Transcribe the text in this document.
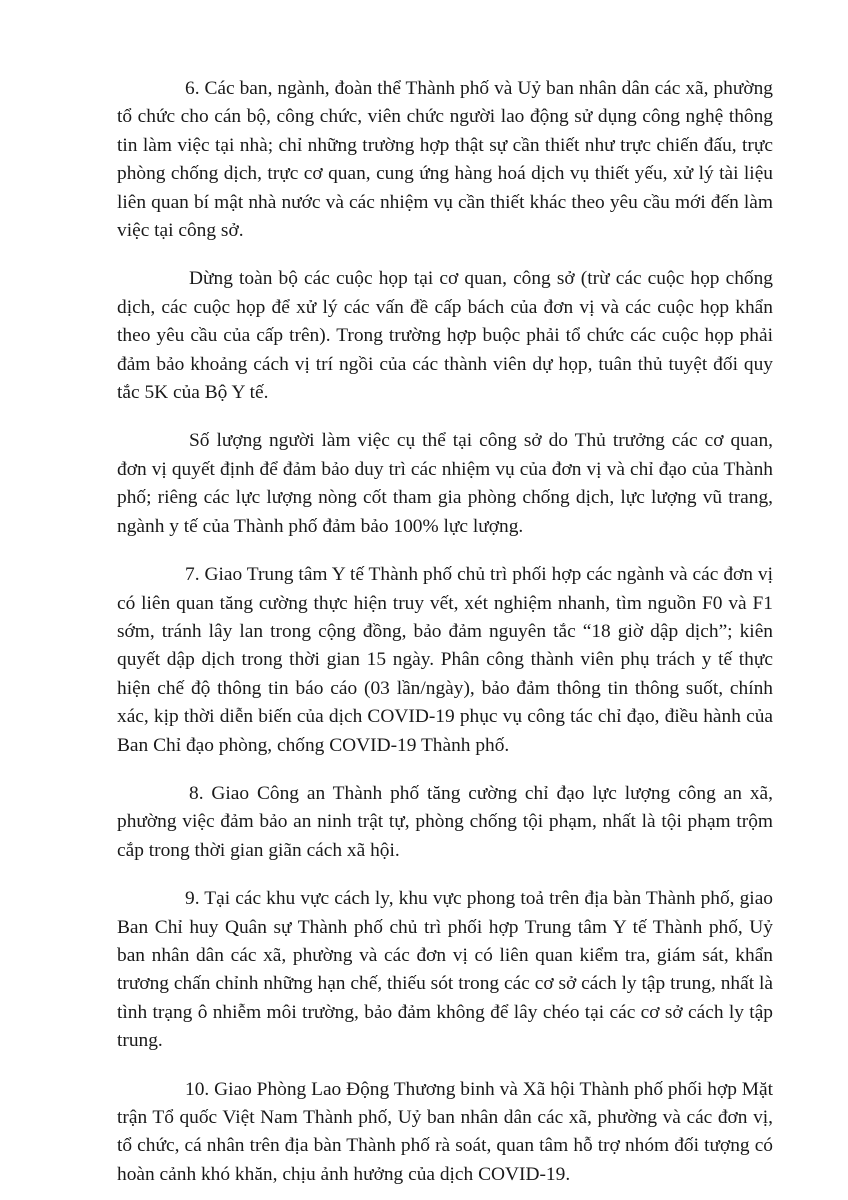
6. Các ban, ngành, đoàn thể Thành phố và Uỷ ban nhân dân các xã, phường tổ chức cho cán bộ, công chức, viên chức người lao động sử dụng công nghệ thông tin làm việc tại nhà; chỉ những trường hợp thật sự cần thiết như trực chiến đấu, trực phòng chống dịch, trực cơ quan, cung ứng hàng hoá dịch vụ thiết yếu, xử lý tài liệu liên quan bí mật nhà nước và các nhiệm vụ cần thiết khác theo yêu cầu mới đến làm việc tại công sở.

Dừng toàn bộ các cuộc họp tại cơ quan, công sở (trừ các cuộc họp chống dịch, các cuộc họp để xử lý các vấn đề cấp bách của đơn vị và các cuộc họp khẩn theo yêu cầu của cấp trên). Trong trường hợp buộc phải tổ chức các cuộc họp phải đảm bảo khoảng cách vị trí ngồi của các thành viên dự họp, tuân thủ tuyệt đối quy tắc 5K của Bộ Y tế.

Số lượng người làm việc cụ thể tại công sở do Thủ trưởng các cơ quan, đơn vị quyết định để đảm bảo duy trì các nhiệm vụ của đơn vị và chỉ đạo của Thành phố; riêng các lực lượng nòng cốt tham gia phòng chống dịch, lực lượng vũ trang, ngành y tế của Thành phố đảm bảo 100% lực lượng.

7. Giao Trung tâm Y tế Thành phố chủ trì phối hợp các ngành và các đơn vị có liên quan tăng cường thực hiện truy vết, xét nghiệm nhanh, tìm nguồn F0 và F1 sớm, tránh lây lan trong cộng đồng, bảo đảm nguyên tắc “18 giờ dập dịch”; kiên quyết dập dịch trong thời gian 15 ngày. Phân công thành viên phụ trách y tế thực hiện chế độ thông tin báo cáo (03 lần/ngày), bảo đảm thông tin thông suốt, chính xác, kịp thời diễn biến của dịch COVID-19 phục vụ công tác chỉ đạo, điều hành của Ban Chỉ đạo phòng, chống COVID-19 Thành phố.

8. Giao Công an Thành phố tăng cường chỉ đạo lực lượng công an xã, phường việc đảm bảo an ninh trật tự, phòng chống tội phạm, nhất là tội phạm trộm cắp trong thời gian giãn cách xã hội.

9. Tại các khu vực cách ly, khu vực phong toả trên địa bàn Thành phố, giao Ban Chỉ huy Quân sự Thành phố chủ trì phối hợp Trung tâm Y tế Thành phố, Uỷ ban nhân dân các xã, phường và các đơn vị có liên quan kiểm tra, giám sát, khẩn trương chấn chỉnh những hạn chế, thiếu sót trong các cơ sở cách ly tập trung, nhất là tình trạng ô nhiễm môi trường, bảo đảm không để lây chéo tại các cơ sở cách ly tập trung.

10. Giao Phòng Lao Động Thương binh và Xã hội Thành phố phối hợp Mặt trận Tổ quốc Việt Nam Thành phố, Uỷ ban nhân dân các xã, phường và các đơn vị, tổ chức, cá nhân trên địa bàn Thành phố rà soát, quan tâm hỗ trợ nhóm đối tượng có hoàn cảnh khó khăn, chịu ảnh hưởng của dịch COVID-19.
